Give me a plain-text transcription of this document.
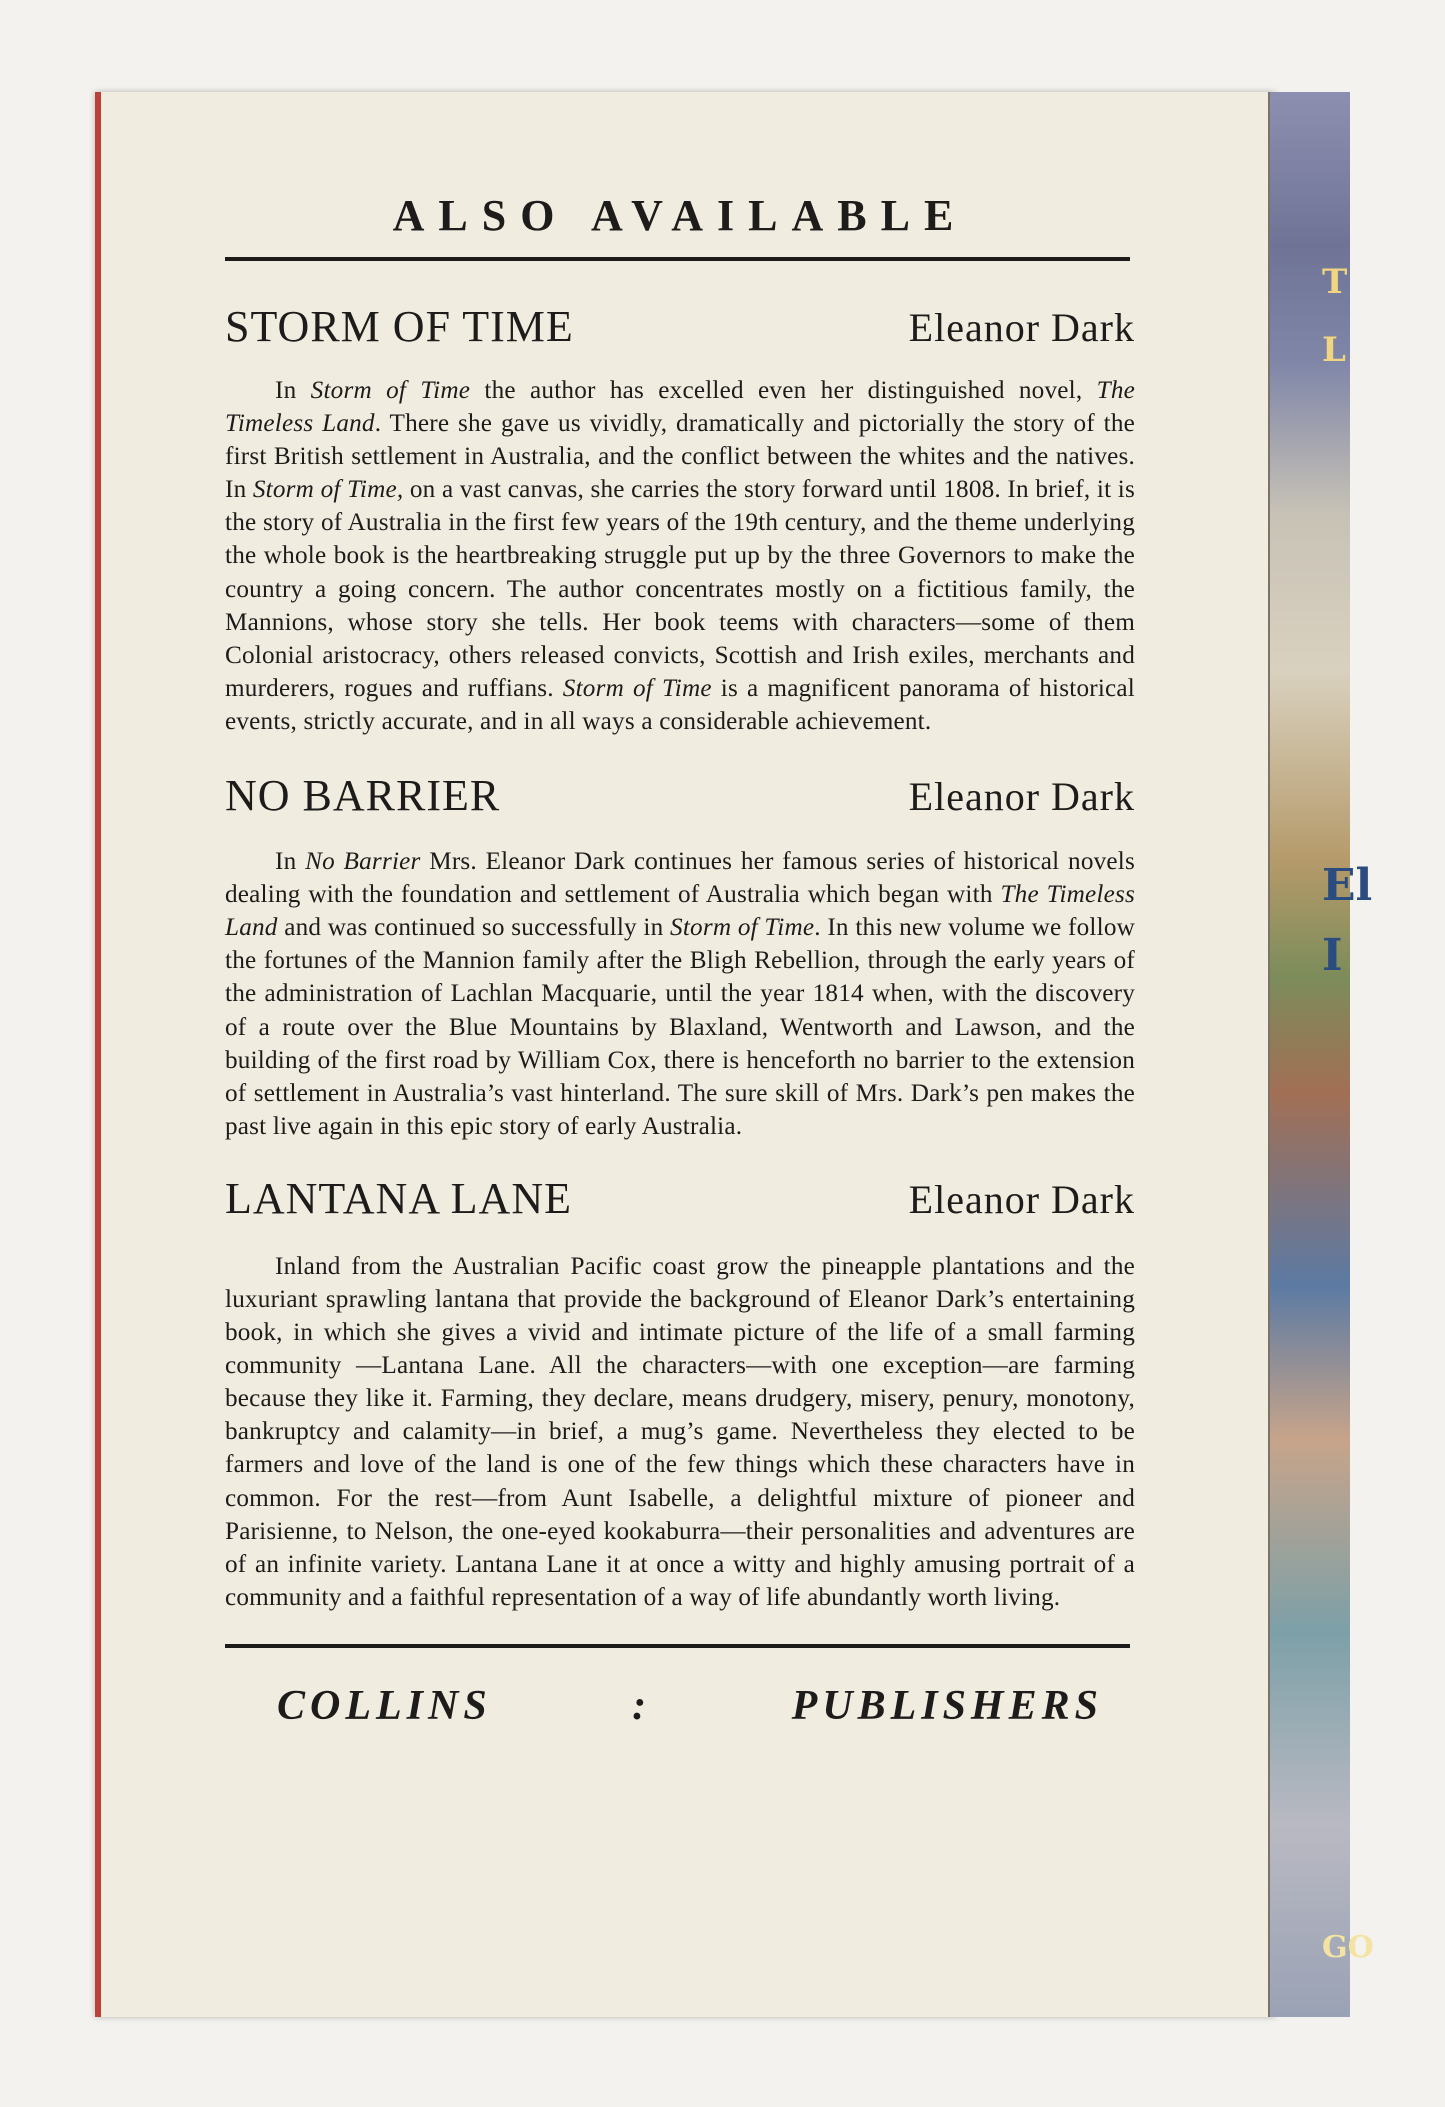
T
L
El
I
GO
ALSO AVAILABLE
STORM OF TIME	Eleanor Dark

In Storm of Time the author has excelled even her distinguished novel, The Timeless Land. There she gave us vividly, dramatically and pictorially the story of the first British settlement in Australia, and the conflict between the whites and the natives. In Storm of Time, on a vast canvas, she carries the story forward until 1808. In brief, it is the story of Australia in the first few years of the 19th century, and the theme underlying the whole book is the heartbreaking struggle put up by the three Governors to make the country a going concern. The author concentrates mostly on a fictitious family, the Mannions, whose story she tells. Her book teems with characters—some of them Colonial aristocracy, others released convicts, Scottish and Irish exiles, merchants and murderers, rogues and ruffians. Storm of Time is a magnificent panorama of historical events, strictly accurate, and in all ways a considerable achievement.

NO BARRIER	Eleanor Dark

In No Barrier Mrs. Eleanor Dark continues her famous series of historical novels dealing with the foundation and settlement of Australia which began with The Timeless Land and was continued so successfully in Storm of Time. In this new volume we follow the fortunes of the Mannion family after the Bligh Rebellion, through the early years of the administration of Lachlan Macquarie, until the year 1814 when, with the discovery of a route over the Blue Mountains by Blaxland, Wentworth and Lawson, and the building of the first road by William Cox, there is henceforth no barrier to the extension of settlement in Australia’s vast hinterland. The sure skill of Mrs. Dark’s pen makes the past live again in this epic story of early Australia.

LANTANA LANE	Eleanor Dark

Inland from the Australian Pacific coast grow the pineapple plantations and the luxuriant sprawling lantana that provide the background of Eleanor Dark’s entertaining book, in which she gives a vivid and intimate picture of the life of a small farming community —Lantana Lane. All the characters—with one exception—are farming because they like it. Farming, they declare, means drudgery, misery, penury, monotony, bankruptcy and calamity—in brief, a mug’s game. Nevertheless they elected to be farmers and love of the land is one of the few things which these characters have in common. For the rest—from Aunt Isabelle, a delightful mixture of pioneer and Parisienne, to Nelson, the one-eyed kookaburra—their personalities and adventures are of an infinite variety. Lantana Lane it at once a witty and highly amusing portrait of a community and a faithful representation of a way of life abundantly worth living.

COLLINS	:	PUBLISHERS
